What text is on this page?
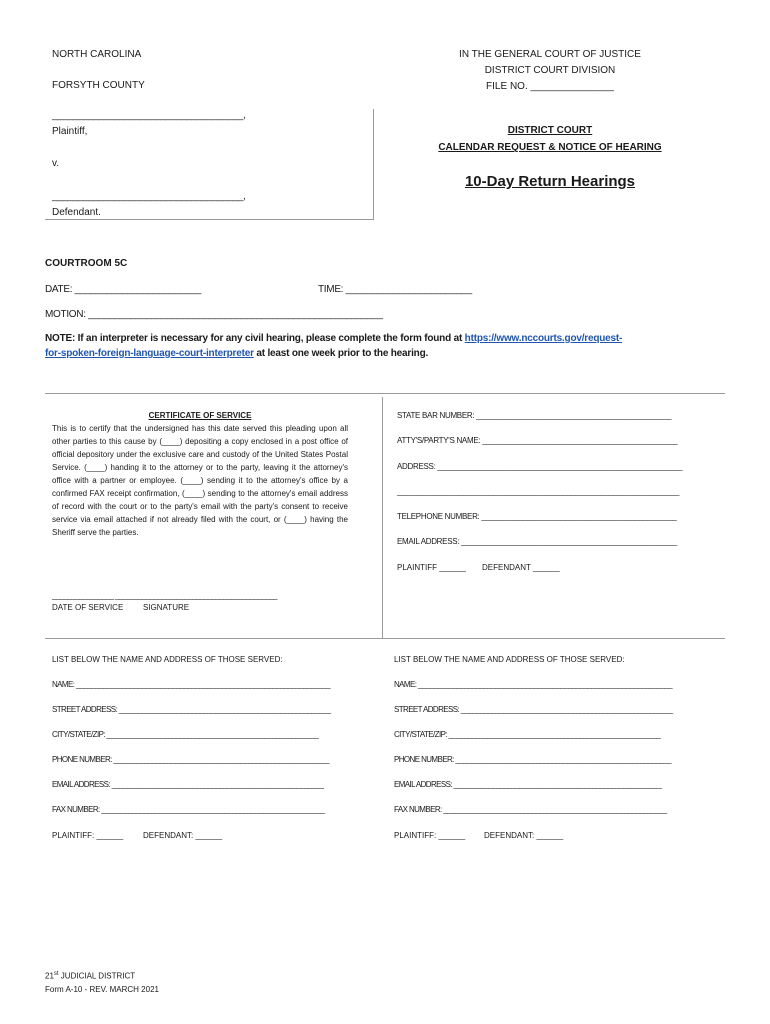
NORTH CAROLINA
FORSYTH COUNTY
IN THE GENERAL COURT OF JUSTICE
DISTRICT COURT DIVISION
FILE NO. _______________
_____________________________________,
Plaintiff,
v.
_____________________________________,
Defendant.
DISTRICT COURT
CALENDAR REQUEST & NOTICE OF HEARING
10-Day Return Hearings
COURTROOM 5C
DATE: ________________________	TIME: ________________________
MOTION: ________________________________________________________
NOTE: If an interpreter is necessary for any civil hearing, please complete the form found at https://www.nccourts.gov/request-
for-spoken-foreign-language-court-interpreter at least one week prior to the hearing.
CERTIFICATE OF SERVICE
This is to certify that the undersigned has this date served this pleading upon all other parties to this cause by (____) depositing a copy enclosed in a post office of official depository under the exclusive care and custody of the United States Postal Service. (____) handing it to the attorney or to the party, leaving it the attorney's office with a partner or employee. (____) sending it to the attorney's office by a confirmed FAX receipt confirmation, (____) sending to the attorney's email address of record with the court or to the party's email with the party's consent to receive service via email attached if not already filed with the court, or (____) having the Sheriff serve the parties.
________________ __________________________________________
DATE OF SERVICE SIGNATURE
STATE BAR NUMBER: _______________________________________________
ATTY'S/PARTY'S NAME: _______________________________________________
ADDRESS: ___________________________________________________________
____________________________________________________________________
TELEPHONE NUMBER: _______________________________________________
EMAIL ADDRESS: ____________________________________________________
PLAINTIFF ______ DEFENDANT ______
LIST BELOW THE NAME AND ADDRESS OF THOSE SERVED:
NAME: __________________________________________________________________
STREET ADDRESS: _______________________________________________________
CITY/STATE/ZIP: _______________________________________________________
PHONE NUMBER: ________________________________________________________
EMAIL ADDRESS: _______________________________________________________
FAX NUMBER: __________________________________________________________
PLAINTIFF: ______ DEFENDANT: ______
LIST BELOW THE NAME AND ADDRESS OF THOSE SERVED:
NAME: __________________________________________________________________
STREET ADDRESS: _______________________________________________________
CITY/STATE/ZIP: _______________________________________________________
PHONE NUMBER: ________________________________________________________
EMAIL ADDRESS: ______________________________________________________
FAX NUMBER: __________________________________________________________
PLAINTIFF: ______ DEFENDANT: ______
21st JUDICIAL DISTRICT
Form A-10 - REV. MARCH 2021
